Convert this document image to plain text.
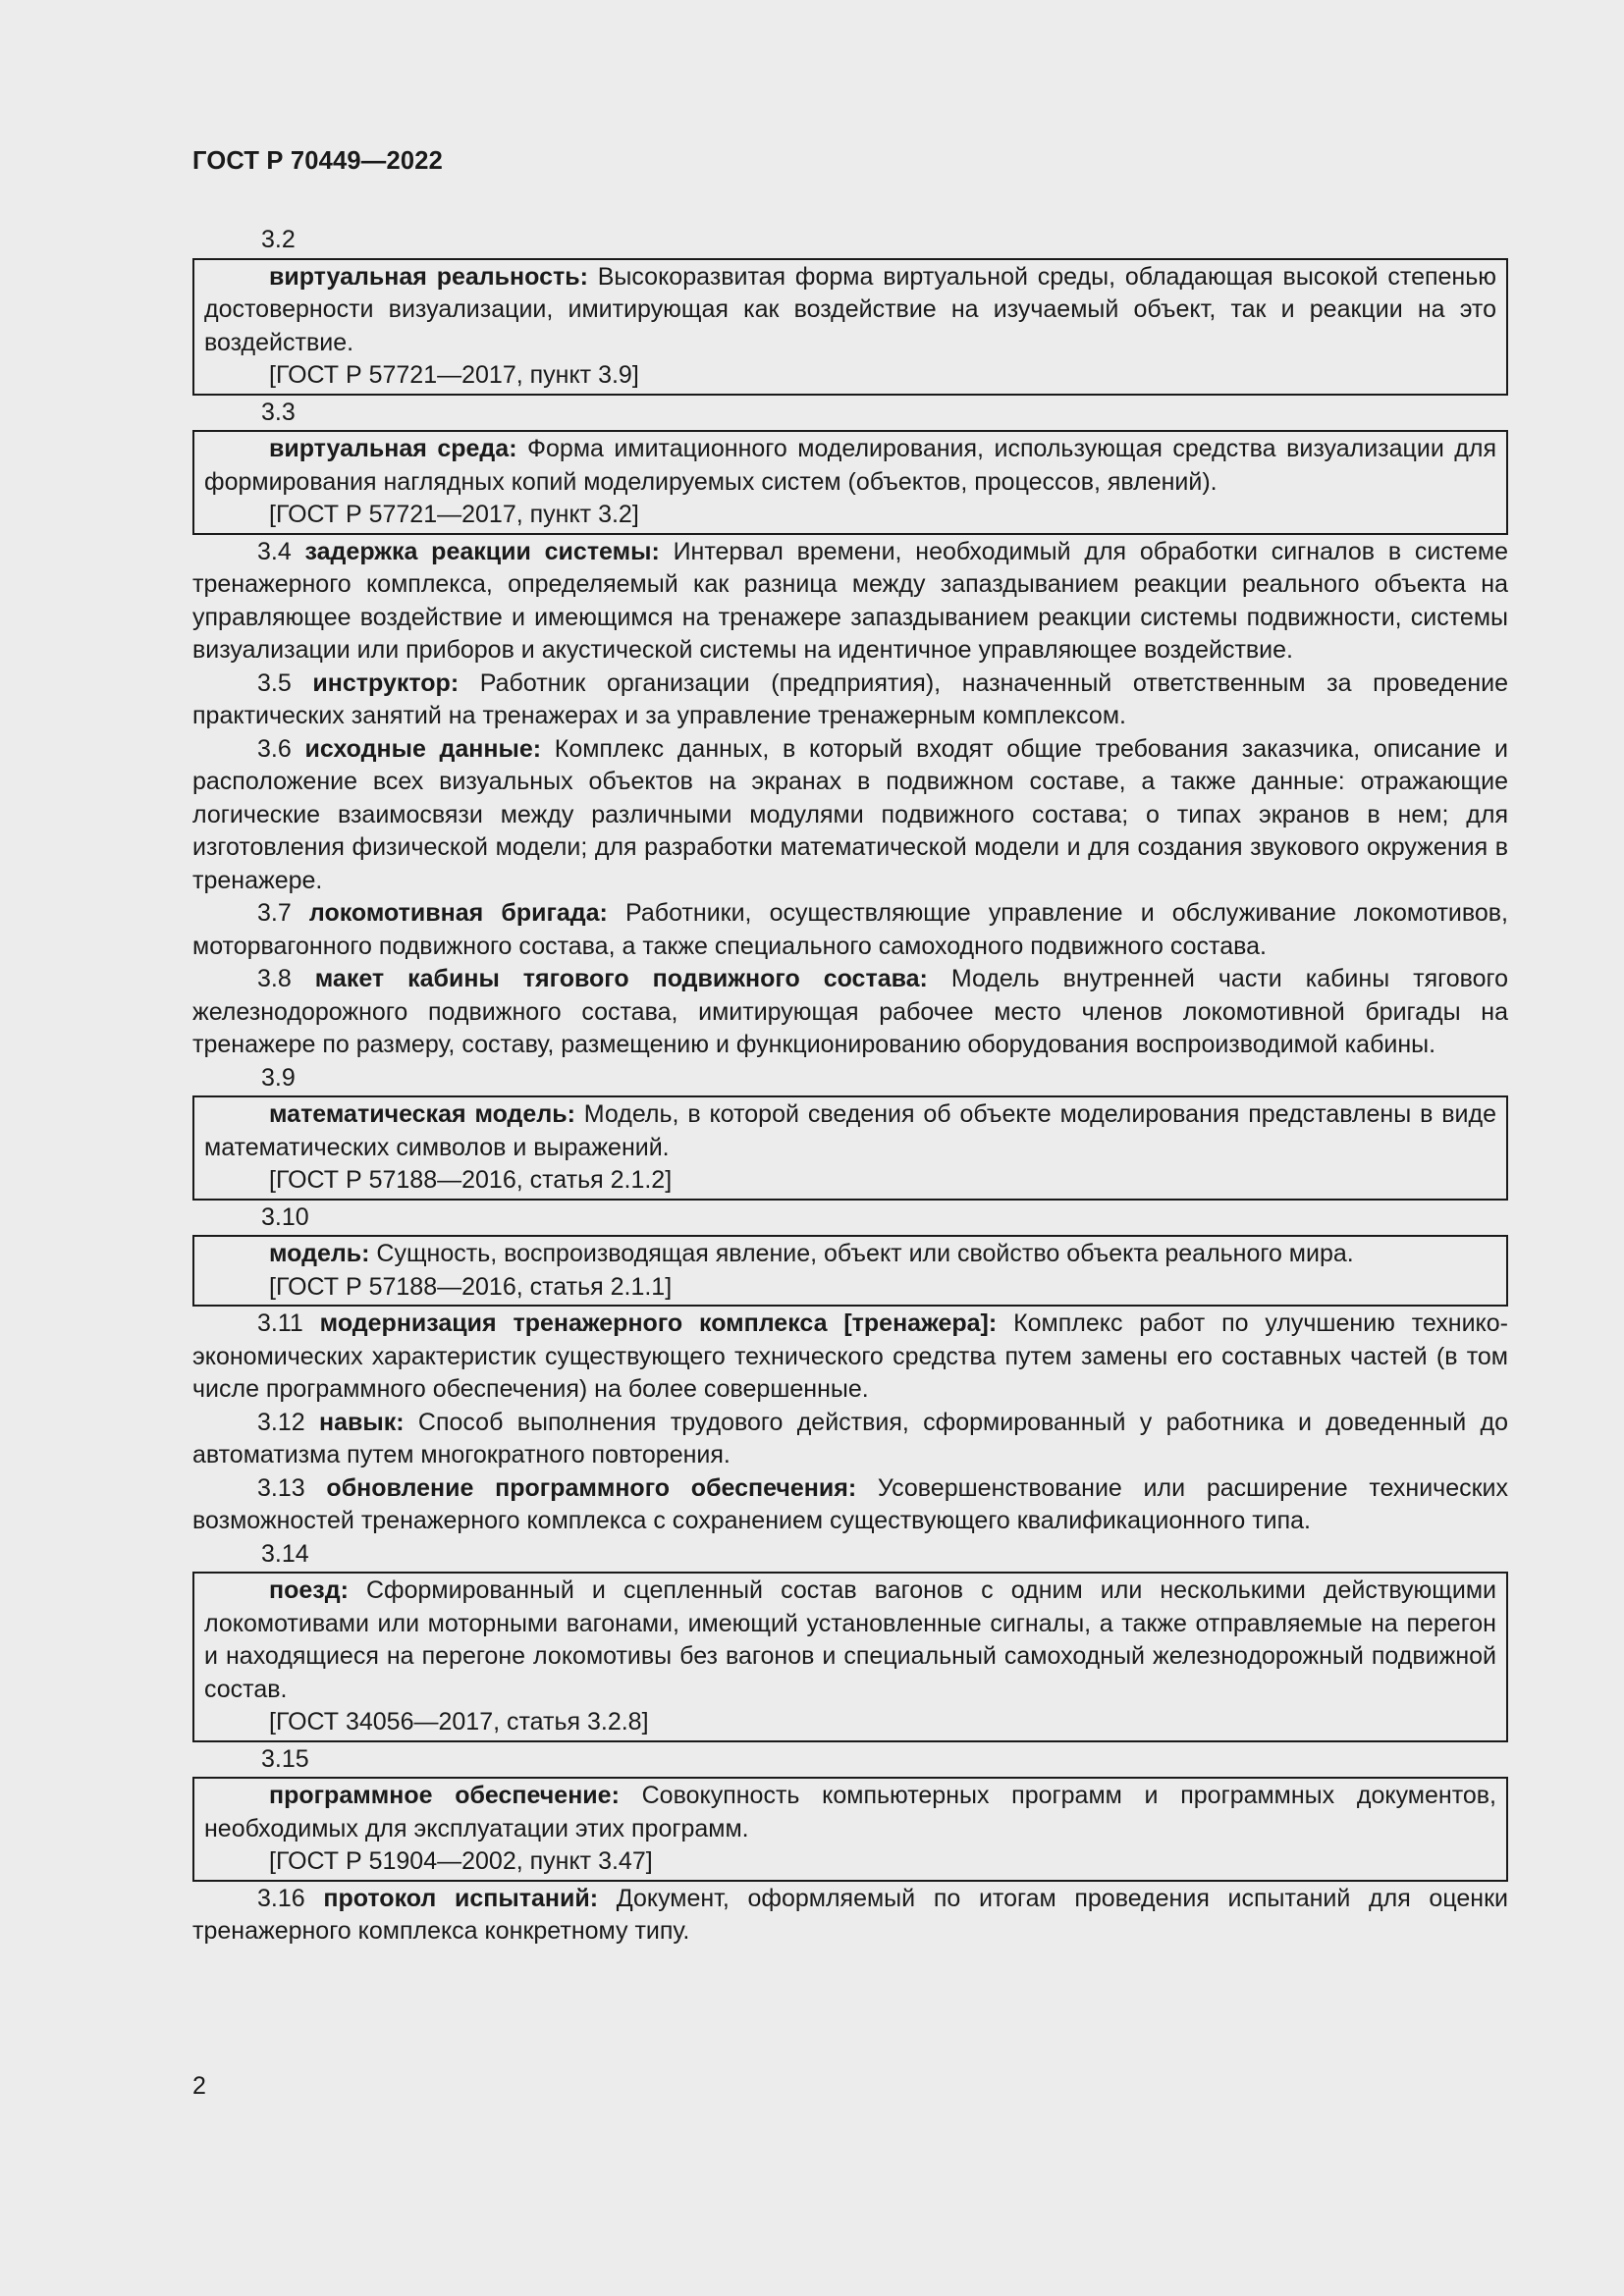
ГОСТ Р 70449—2022
3.2

виртуальная реальность: Высокоразвитая форма виртуальной среды, обладающая высокой степенью достоверности визуализации, имитирующая как воздействие на изучаемый объект, так и реакции на это воздействие.

[ГОСТ Р 57721—2017, пункт 3.9]

3.3

виртуальная среда: Форма имитационного моделирования, использующая средства визуализации для формирования наглядных копий моделируемых систем (объектов, процессов, явлений).

[ГОСТ Р 57721—2017, пункт 3.2]

3.4 задержка реакции системы: Интервал времени, необходимый для обработки сигналов в системе тренажерного комплекса, определяемый как разница между запаздыванием реакции реального объекта на управляющее воздействие и имеющимся на тренажере запаздыванием реакции системы подвижности, системы визуализации или приборов и акустической системы на идентичное управляющее воздействие.

3.5 инструктор: Работник организации (предприятия), назначенный ответственным за проведение практических занятий на тренажерах и за управление тренажерным комплексом.

3.6 исходные данные: Комплекс данных, в который входят общие требования заказчика, описание и расположение всех визуальных объектов на экранах в подвижном составе, а также данные: отражающие логические взаимосвязи между различными модулями подвижного состава; о типах экранов в нем; для изготовления физической модели; для разработки математической модели и для создания звукового окружения в тренажере.

3.7 локомотивная бригада: Работники, осуществляющие управление и обслуживание локомотивов, моторвагонного подвижного состава, а также специального самоходного подвижного состава.

3.8 макет кабины тягового подвижного состава: Модель внутренней части кабины тягового железнодорожного подвижного состава, имитирующая рабочее место членов локомотивной бригады на тренажере по размеру, составу, размещению и функционированию оборудования воспроизводимой кабины.

3.9

математическая модель: Модель, в которой сведения об объекте моделирования представлены в виде математических символов и выражений.

[ГОСТ Р 57188—2016, статья 2.1.2]

3.10

модель: Сущность, воспроизводящая явление, объект или свойство объекта реального мира.

[ГОСТ Р 57188—2016, статья 2.1.1]

3.11 модернизация тренажерного комплекса [тренажера]: Комплекс работ по улучшению технико-экономических характеристик существующего технического средства путем замены его составных частей (в том числе программного обеспечения) на более совершенные.

3.12 навык: Способ выполнения трудового действия, сформированный у работника и доведенный до автоматизма путем многократного повторения.

3.13 обновление программного обеспечения: Усовершенствование или расширение технических возможностей тренажерного комплекса с сохранением существующего квалификационного типа.

3.14

поезд: Сформированный и сцепленный состав вагонов с одним или несколькими действующими локомотивами или моторными вагонами, имеющий установленные сигналы, а также отправляемые на перегон и находящиеся на перегоне локомотивы без вагонов и специальный самоходный железнодорожный подвижной состав.

[ГОСТ 34056—2017, статья 3.2.8]

3.15

программное обеспечение: Совокупность компьютерных программ и программных документов, необходимых для эксплуатации этих программ.

[ГОСТ Р 51904—2002, пункт 3.47]

3.16 протокол испытаний: Документ, оформляемый по итогам проведения испытаний для оценки тренажерного комплекса конкретному типу.

2
